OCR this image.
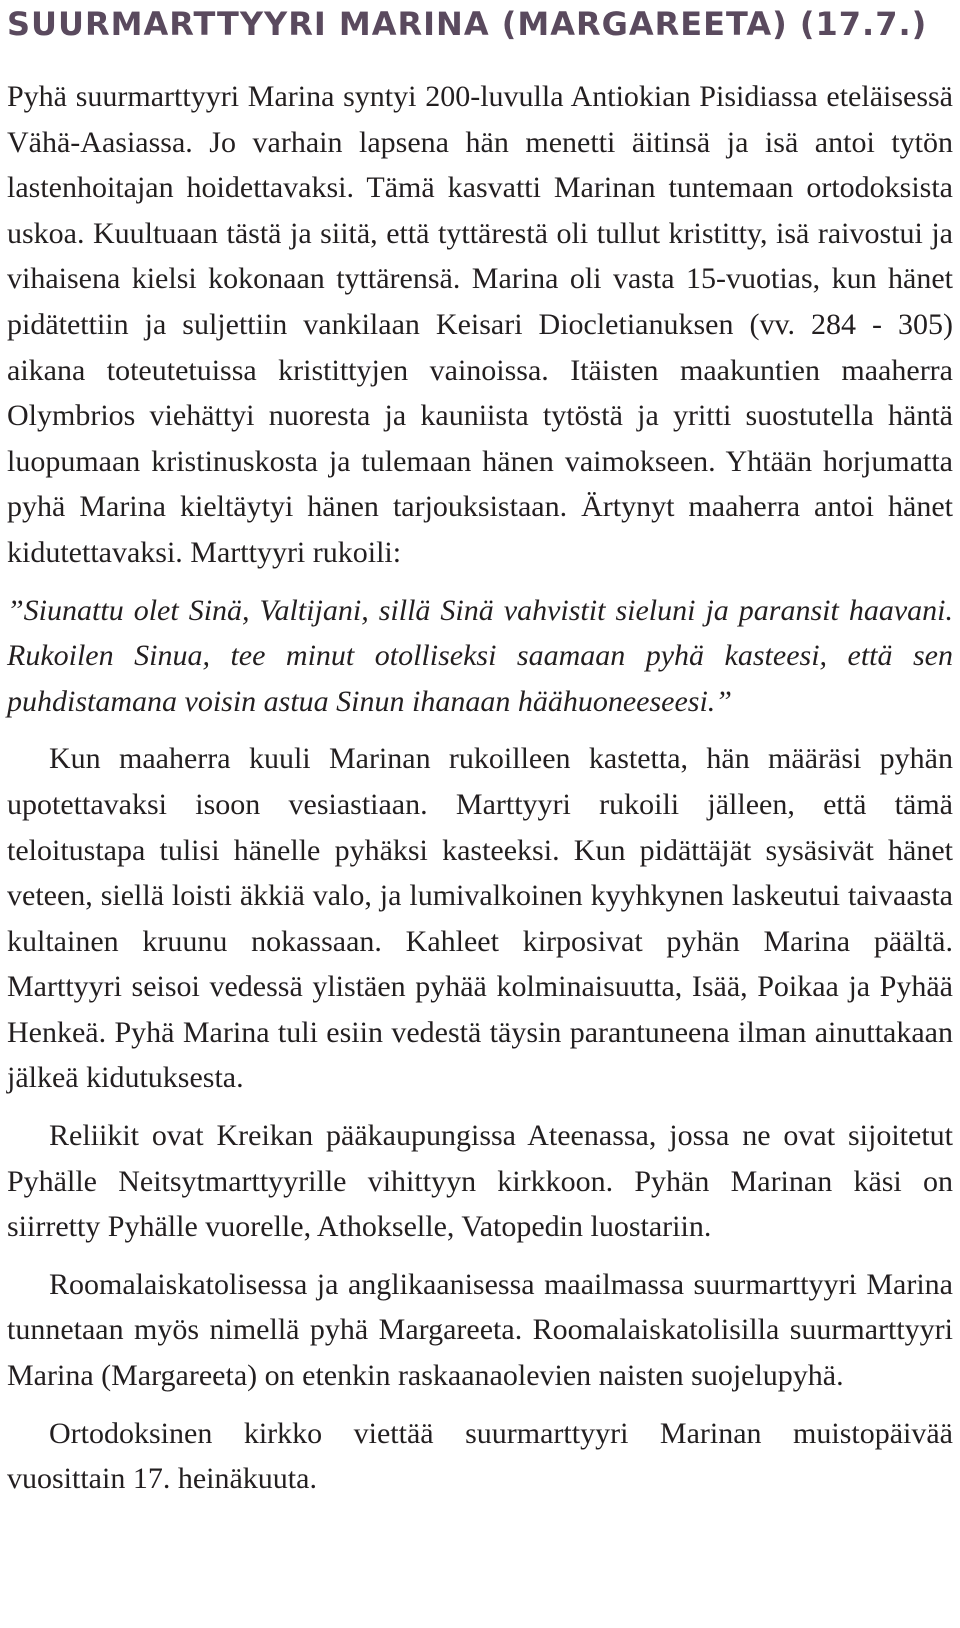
SUURMARTTYYRI MARINA (MARGAREETA) (17.7.)

Pyhä suurmarttyyri Marina syntyi 200-luvulla Antiokian Pisidiassa eteläisessä Vähä-Aasiassa. Jo varhain lapsena hän menetti äitinsä ja isä antoi tytön lastenhoitajan hoidettavaksi. Tämä kasvatti Marinan tuntemaan ortodoksista uskoa. Kuultuaan tästä ja siitä, että tyttärestä oli tullut kristitty, isä raivostui ja vihaisena kielsi kokonaan tyttärensä. Marina oli vasta 15-vuotias, kun hänet pidätettiin ja suljettiin vankilaan Keisari Diocletianuksen (vv. 284 - 305) aikana toteutetuissa kristittyjen vainoissa. Itäisten maakuntien maaherra Olymbrios viehättyi nuoresta ja kauniista tytöstä ja yritti suostutella häntä luopumaan kristinuskosta ja tulemaan hänen vaimokseen. Yhtään horjumatta pyhä Marina kieltäytyi hänen tarjouksistaan. Ärtynyt maaherra antoi hänet kidutettavaksi. Marttyyri rukoili:

”Siunattu olet Sinä, Valtijani, sillä Sinä vahvistit sieluni ja paransit haavani. Rukoilen Sinua, tee minut otolliseksi saamaan pyhä kasteesi, että sen puhdistamana voisin astua Sinun ihanaan häähuoneeseesi.”

Kun maaherra kuuli Marinan rukoilleen kastetta, hän määräsi pyhän upotettavaksi isoon vesiastiaan. Marttyyri rukoili jälleen, että tämä teloitustapa tulisi hänelle pyhäksi kasteeksi. Kun pidättäjät sysäsivät hänet veteen, siellä loisti äkkiä valo, ja lumivalkoinen kyyhkynen laskeutui taivaasta kultainen kruunu nokassaan. Kahleet kirposivat pyhän Marina päältä. Marttyyri seisoi vedessä ylistäen pyhää kolminaisuutta, Isää, Poikaa ja Pyhää Henkeä. Pyhä Marina tuli esiin vedestä täysin parantuneena ilman ainuttakaan jälkeä kidutuksesta.

Reliikit ovat Kreikan pääkaupungissa Ateenassa, jossa ne ovat sijoitetut Pyhälle Neitsytmarttyyrille vihittyyn kirkkoon. Pyhän Marinan käsi on siirretty Pyhälle vuorelle, Athokselle, Vatopedin luostariin.

Roomalaiskatolisessa ja anglikaanisessa maailmassa suurmarttyyri Marina tunnetaan myös nimellä pyhä Margareeta. Roomalaiskatolisilla suurmarttyyri Marina (Margareeta) on etenkin raskaanaolevien naisten suojelupyhä.

Ortodoksinen kirkko viettää suurmarttyyri Marinan muistopäivää vuosittain 17. heinäkuuta.
